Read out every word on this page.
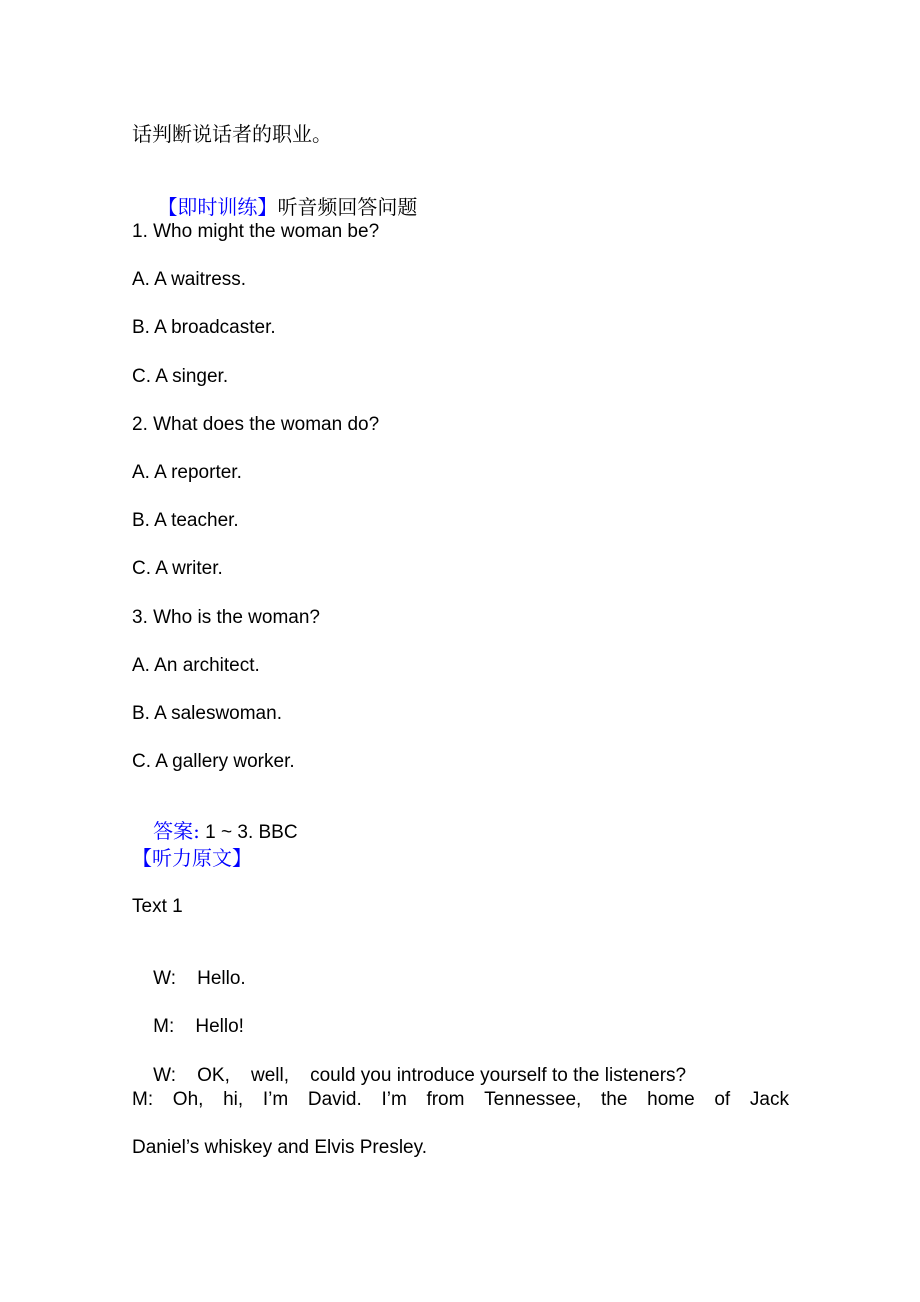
话判断说话者的职业。

【即时训练】听音频回答问题

1. Who might the woman be?
A. A waitress.
B. A broadcaster.
C. A singer.
2. What does the woman do?
A. A reporter.
B. A teacher.
C. A writer.
3. Who is the woman?
A. An architect.
B. A saleswoman.
C. A gallery worker.

答案: 1 ~ 3. BBC

【听力原文】
Text 1

W: Hello.

M: Hello!

W: OK,    well,    could you introduce yourself to the listeners?

M: Oh, hi, I’m David. I’m from Tennessee, the home of Jack
Daniel’s whiskey and Elvis Presley.
